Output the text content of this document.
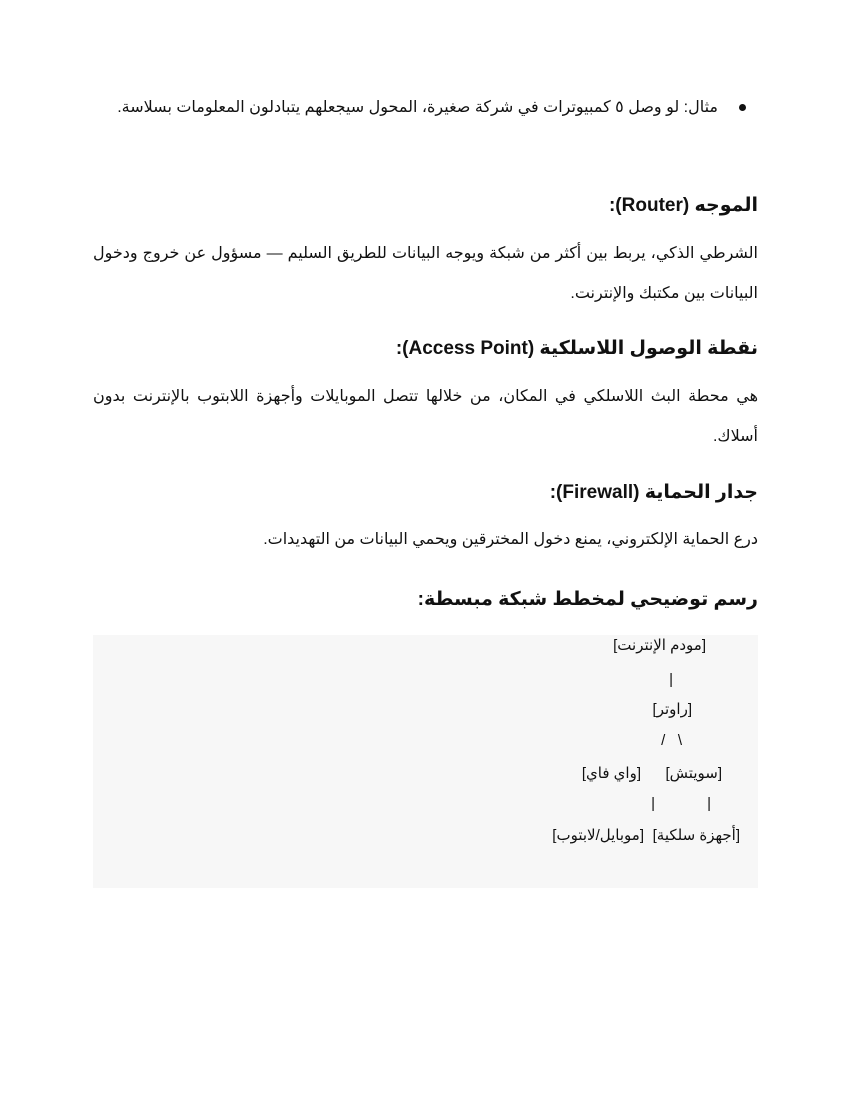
مثال: لو وصل ٥ كمبيوترات في شركة صغيرة، المحول سيجعلهم يتبادلون المعلومات بسلاسة.
الموجه (Router):
الشرطي الذكي، يربط بين أكثر من شبكة ويوجه البيانات للطريق السليم — مسؤول عن خروج ودخول البيانات بين مكتبك والإنترنت.
نقطة الوصول اللاسلكية (Access Point):
هي محطة البث اللاسلكي في المكان، من خلالها تتصل الموبايلات وأجهزة اللابتوب بالإنترنت بدون أسلاك.
جدار الحماية (Firewall):
درع الحماية الإلكتروني، يمنع دخول المخترقين ويحمي البيانات من التهديدات.
رسم توضيحي لمخطط شبكة مبسطة:
[مودم الإنترنت]
|
[راوتر]
/   \
[سويتش]
[واي فاي]
|
|
[أجهزة سلكية]
[موبايل/لابتوب]
